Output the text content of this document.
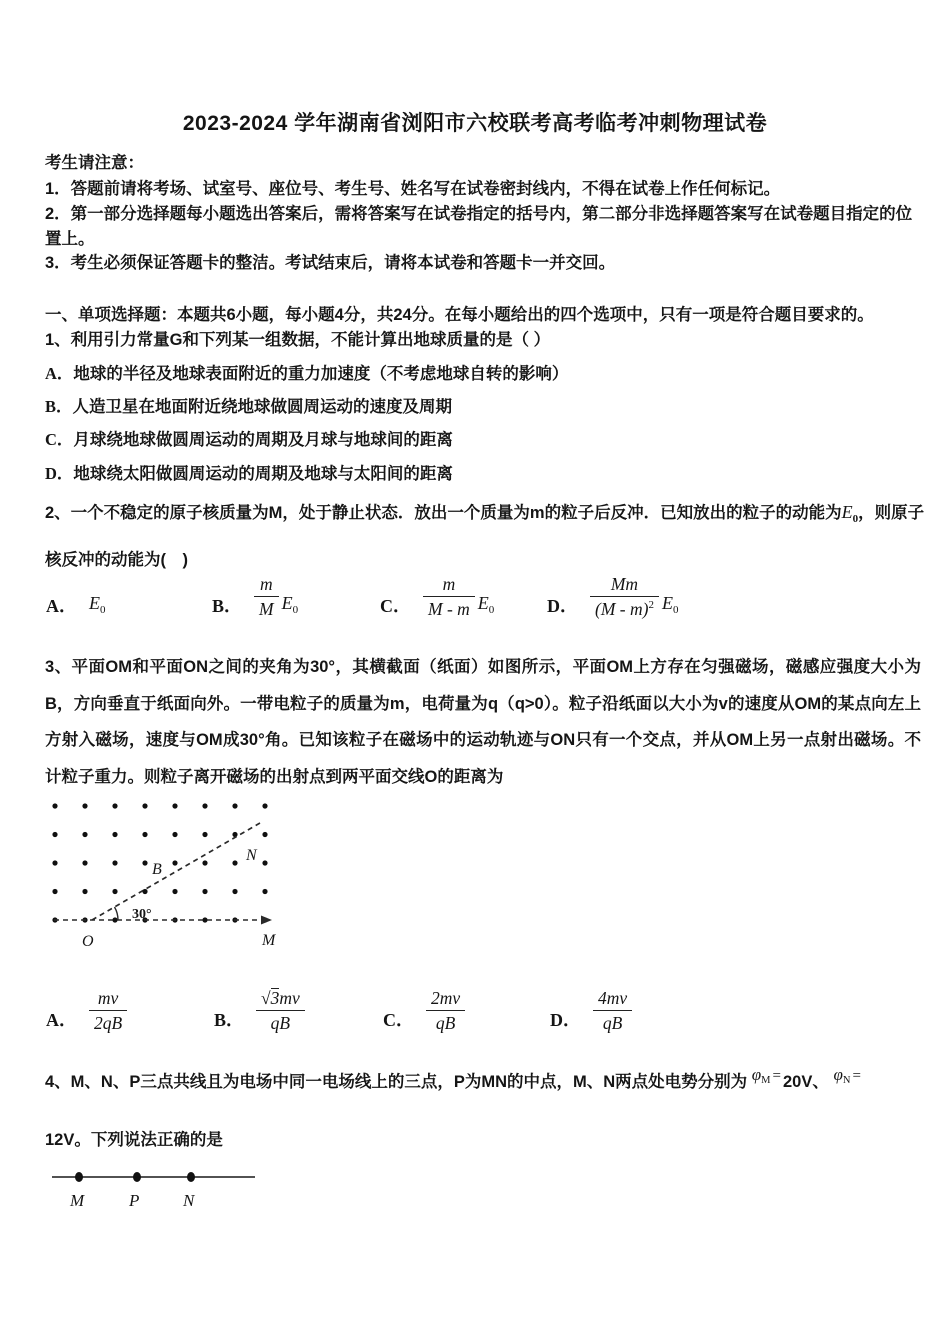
2023-2024 学年湖南省浏阳市六校联考高考临考冲刺物理试卷
考生请注意：
1．答题前请将考场、试室号、座位号、考生号、姓名写在试卷密封线内，不得在试卷上作任何标记。
2．第一部分选择题每小题选出答案后，需将答案写在试卷指定的括号内，第二部分非选择题答案写在试卷题目指定的位置上。
3．考生必须保证答题卡的整洁。考试结束后，请将本试卷和答题卡一并交回。
一、单项选择题：本题共6小题，每小题4分，共24分。在每小题给出的四个选项中，只有一项是符合题目要求的。
1、利用引力常量G和下列某一组数据，不能计算出地球质量的是（ ）
A．地球的半径及地球表面附近的重力加速度（不考虑地球自转的影响）
B．人造卫星在地面附近绕地球做圆周运动的速度及周期
C．月球绕地球做圆周运动的周期及月球与地球间的距离
D．地球绕太阳做圆周运动的周期及地球与太阳间的距离
2、一个不稳定的原子核质量为M，处于静止状态．放出一个质量为m的粒子后反冲．已知放出的粒子的动能为$E_0$，则原子核反冲的动能为(　)
A． $E_0$	B． $\frac{m}{M} E_0$	C． $\frac{m}{M - m} E_0$	D． $\frac{Mm}{(M - m)^2} E_0$
3、平面OM和平面ON之间的夹角为30°，其横截面（纸面）如图所示，平面OM上方存在匀强磁场，磁感应强度大小为B，方向垂直于纸面向外。一带电粒子的质量为m，电荷量为q（q>0）。粒子沿纸面以大小为v的速度从OM的某点向左上方射入磁场，速度与OM成30°角。已知该粒子在磁场中的运动轨迹与ON只有一个交点，并从OM上另一点射出磁场。不计粒子重力。则粒子离开磁场的出射点到两平面交线O的距离为
O
B
N
M
30°
A． $\frac{mv}{2qB}$	B． $\frac{√3mv}{qB}$	C． $\frac{2mv}{qB}$	D． $\frac{4mv}{qB}$
4、M、N、P三点共线且为电场中同一电场线上的三点，P为MN的中点，M、N两点处电势分别为 $\varphi_M = 20V$、 $\varphi_N$ =
12V。下列说法正确的是
M	P	N
